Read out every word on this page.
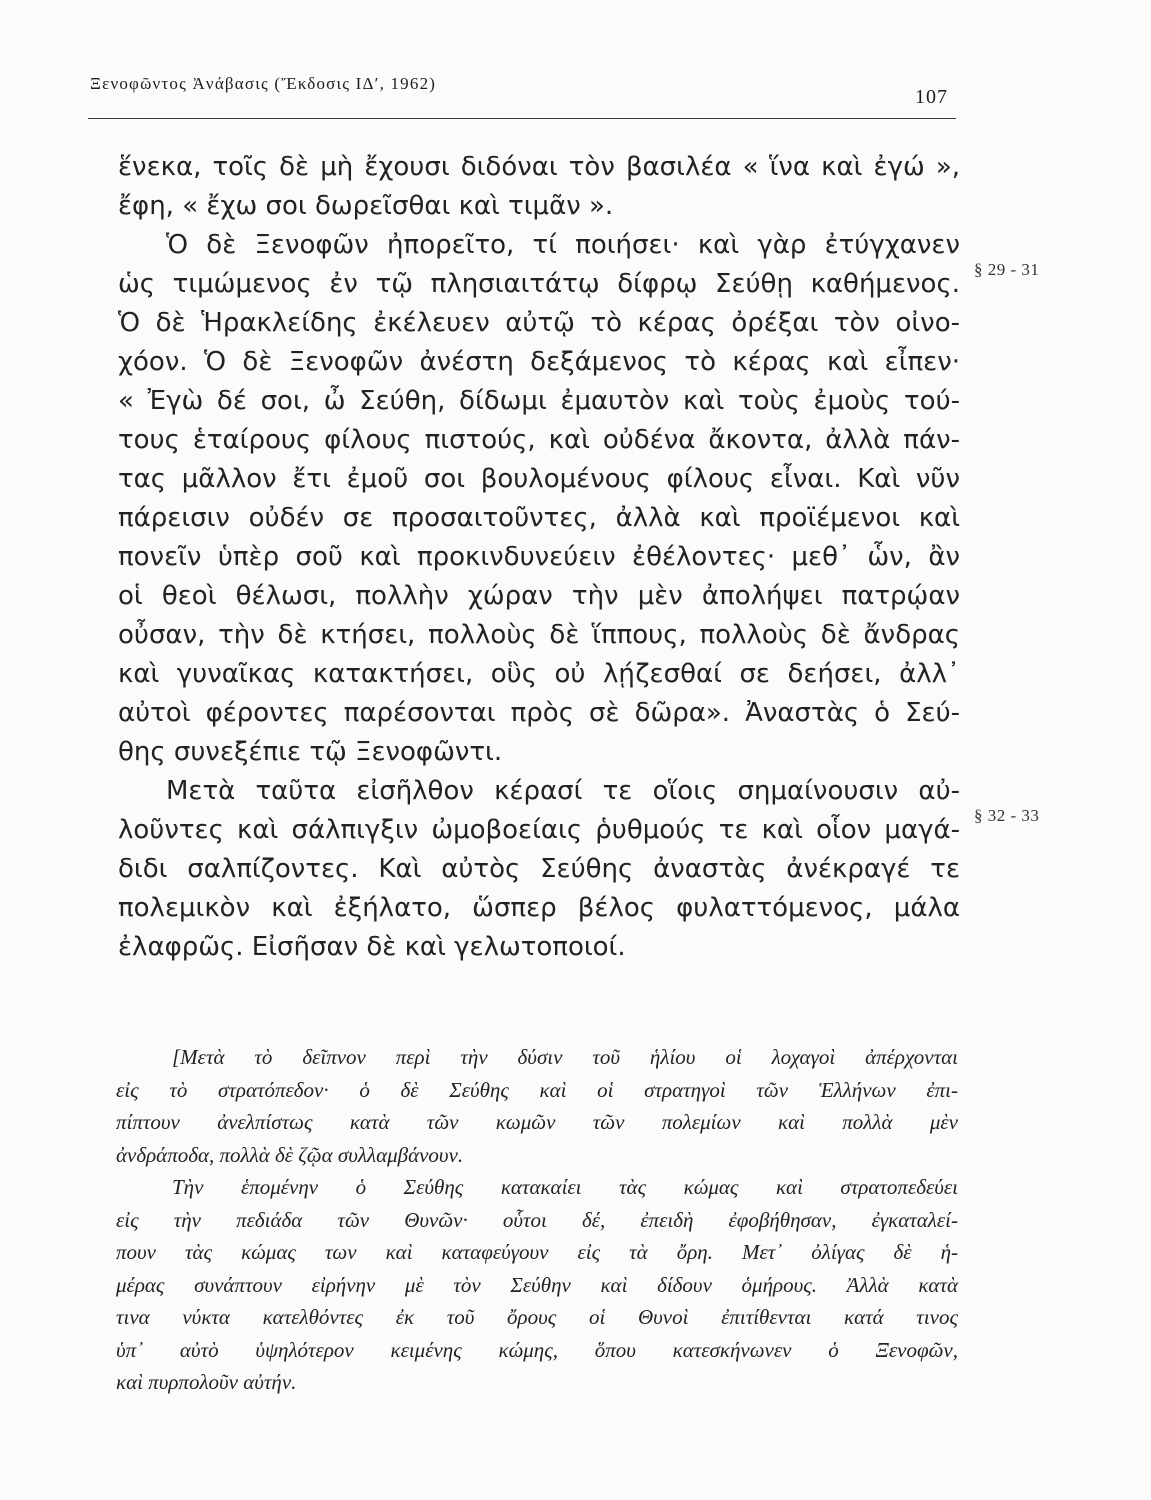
Ξενοφῶντος Ἀνάβασις (Ἔκδοσις ΙΔ′, 1962)
107
ἕνεκα, τοῖς δὲ μὴ ἔχουσι διδόναι τὸν βασιλέα « ἵνα καὶ ἐγώ »,
ἔφη, « ἔχω σοι δωρεῖσθαι καὶ τιμᾶν ».
Ὁ δὲ Ξενοφῶν ἠπορεῖτο, τί ποιήσει· καὶ γὰρ ἐτύγχανεν
ὡς τιμώμενος ἐν τῷ πλησιαιτάτῳ δίφρῳ Σεύθῃ καθήμενος.
Ὁ δὲ Ἡρακλείδης ἐκέλευεν αὐτῷ τὸ κέρας ὀρέξαι τὸν οἰνο-
χόον. Ὁ δὲ Ξενοφῶν ἀνέστη δεξάμενος τὸ κέρας καὶ εἶπεν·
« Ἐγὼ δέ σοι, ὦ Σεύθη, δίδωμι ἐμαυτὸν καὶ τοὺς ἐμοὺς τού-
τους ἑταίρους φίλους πιστούς, καὶ οὐδένα ἄκοντα, ἀλλὰ πάν-
τας μᾶλλον ἔτι ἐμοῦ σοι βουλομένους φίλους εἶναι. Καὶ νῦν
πάρεισιν οὐδέν σε προσαιτοῦντες, ἀλλὰ καὶ προϊέμενοι καὶ
πονεῖν ὑπὲρ σοῦ καὶ προκινδυνεύειν ἐθέλοντες· μεθ᾽ ὧν, ἂν
οἱ θεοὶ θέλωσι, πολλὴν χώραν τὴν μὲν ἀπολήψει πατρῴαν
οὖσαν, τὴν δὲ κτήσει, πολλοὺς δὲ ἵππους, πολλοὺς δὲ ἄνδρας
καὶ γυναῖκας κατακτήσει, οὓς οὐ λῄζεσθαί σε δεήσει, ἀλλ᾽
αὐτοὶ φέροντες παρέσονται πρὸς σὲ δῶρα». Ἀναστὰς ὁ Σεύ-
θης συνεξέπιε τῷ Ξενοφῶντι.
Μετὰ ταῦτα εἰσῆλθον κέρασί τε οἵοις σημαίνουσιν αὐ-
λοῦντες καὶ σάλπιγξιν ὠμοβοείαις ῥυθμούς τε καὶ οἷον μαγά-
διδι σαλπίζοντες. Καὶ αὐτὸς Σεύθης ἀναστὰς ἀνέκραγέ τε
πολεμικὸν καὶ ἐξήλατο, ὥσπερ βέλος φυλαττόμενος, μάλα
ἐλαφρῶς. Εἰσῆσαν δὲ καὶ γελωτοποιοί.
§ 29 - 31
§ 32 - 33
[Μετὰ τὸ δεῖπνον περὶ τὴν δύσιν τοῦ ἡλίου οἱ λοχαγοὶ ἀπέρχονται
εἰς τὸ στρατόπεδον· ὁ δὲ Σεύθης καὶ οἱ στρατηγοὶ τῶν Ἑλλήνων ἐπι-
πίπτουν ἀνελπίστως κατὰ τῶν κωμῶν τῶν πολεμίων καὶ πολλὰ μὲν
ἀνδράποδα, πολλὰ δὲ ζῷα συλλαμβάνουν.
Τὴν ἑπομένην ὁ Σεύθης κατακαίει τὰς κώμας καὶ στρατοπεδεύει
εἰς τὴν πεδιάδα τῶν Θυνῶν· οὗτοι δέ, ἐπειδὴ ἐφοβήθησαν, ἐγκαταλεί-
πουν τὰς κώμας των καὶ καταφεύγουν εἰς τὰ ὄρη. Μετ᾽ ὀλίγας δὲ ἡ-
μέρας συνάπτουν εἰρήνην μὲ τὸν Σεύθην καὶ δίδουν ὁμήρους. Ἀλλὰ κατὰ
τινα νύκτα κατελθόντες ἐκ τοῦ ὄρους οἱ Θυνοὶ ἐπιτίθενται κατά τινος
ὑπ᾽ αὐτὸ ὑψηλότερον κειμένης κώμης, ὅπου κατεσκήνωνεν ὁ Ξενοφῶν,
καὶ πυρπολοῦν αὐτήν.
